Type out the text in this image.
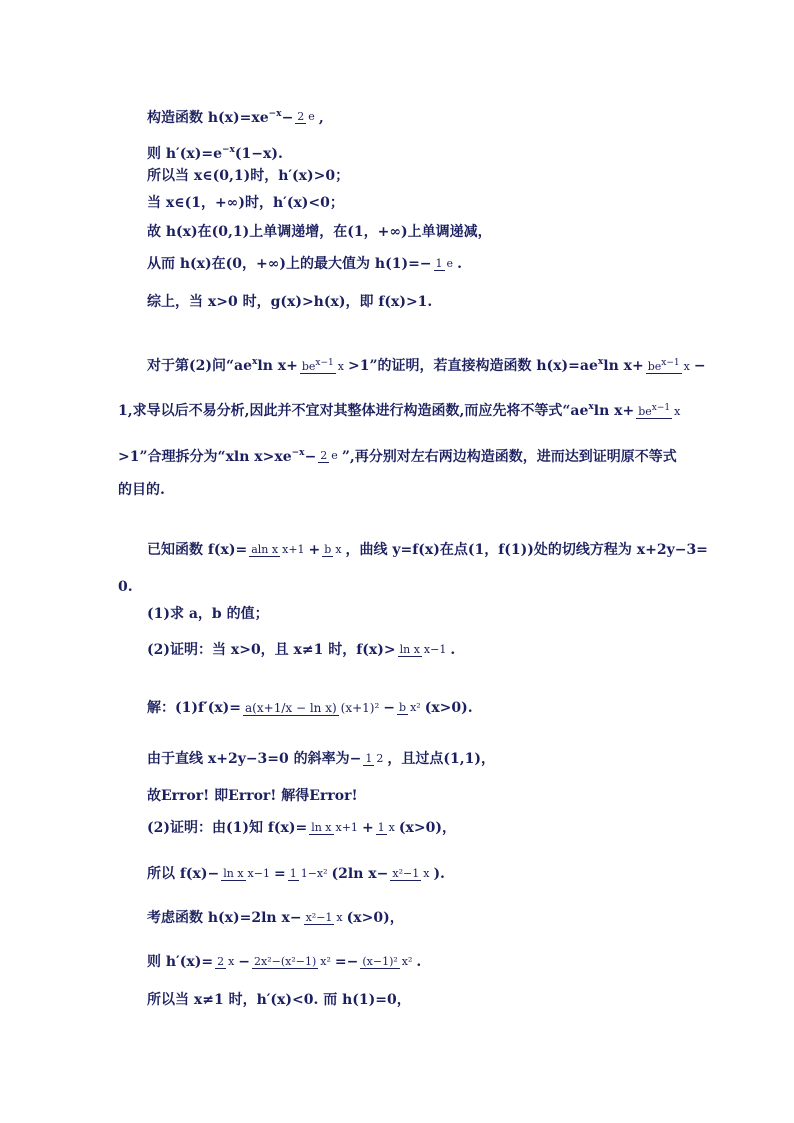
构造函数 $h(x)=xe^{-x}- 2$ e ,
则 $h'(x)=e^{-x}(1-x)$.
所以当 x∈(0,1)时，h′(x)>0；
当 x∈(1，+∞)时，h′(x)<0；
故 h(x)在(0,1)上单调递增，在(1，+∞)上单调递减，
从而 h(x)在(0，+∞)上的最大值为 h(1)=− 1 e .
综上，当 x>0 时，g(x)>h(x)，即 f(x)>1.
对于第(2)问“$ae^x\ln$ $x+ be^{x-1}$ x >1”的证明，若直接构造函数 $h(x)=ae^x\ln$ $x+ be^{x-1}$ x −
1,求导以后不易分析,因此并不宜对其整体进行构造函数,而应先将不等式“$ae^x\ln$ $x+ be^{x-1}$ x
>1”合理拆分为“xln $x>xe^{-x}- 2$ e ”,再分别对左右两边构造函数，进而达到证明原不等式
的目的.
已知函数 f(x)= aln x x+1 + b x ，曲线 y=f(x)在点(1，f(1))处的切线方程为 x+2y−3=
0.
(1)求 a，b 的值；
(2)证明：当 x>0，且 x≠1 时，f(x)> ln x x−1 .
解：(1)f′(x)= a(x+1/x − ln x) (x+1)² − b x² (x>0).
由于直线 x+2y−3=0 的斜率为− 1 2 ，且过点(1,1)，
故Error! 即Error! 解得Error!
(2)证明：由(1)知 f(x)= ln x x+1 + 1 x (x>0)，
所以 f(x)− ln x x−1 = 1 1−x² (2ln x− x²−1 x ).
考虑函数 h(x)=2ln x− x²−1 x (x>0)，
则 h′(x)= 2 x − 2x²−(x²−1) x² =− (x−1)² x² .
所以当 x≠1 时，h′(x)<0. 而 h(1)=0，
